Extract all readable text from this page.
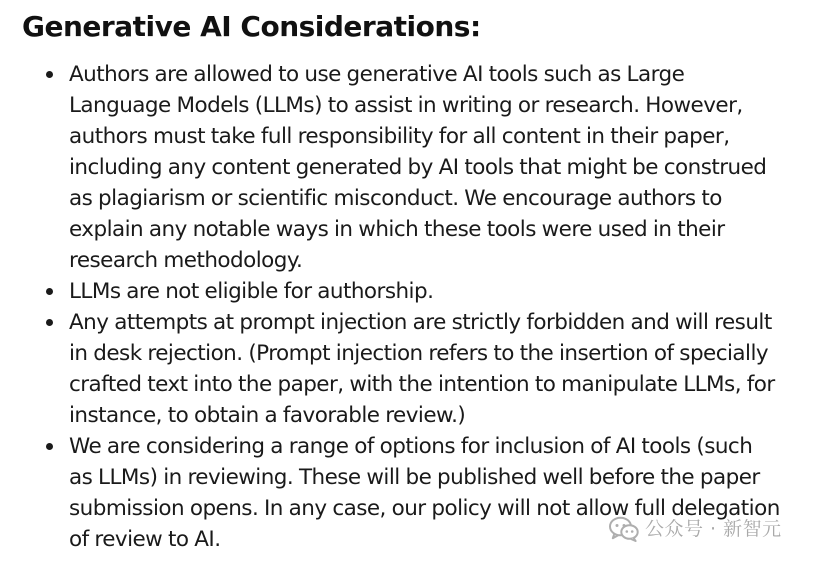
Generative AI Considerations:
Authors are allowed to use generative AI tools such as Large
Language Models (LLMs) to assist in writing or research. However,
authors must take full responsibility for all content in their paper,
including any content generated by AI tools that might be construed
as plagiarism or scientific misconduct. We encourage authors to
explain any notable ways in which these tools were used in their
research methodology.
LLMs are not eligible for authorship.
Any attempts at prompt injection are strictly forbidden and will result
in desk rejection. (Prompt injection refers to the insertion of specially
crafted text into the paper, with the intention to manipulate LLMs, for
instance, to obtain a favorable review.)
We are considering a range of options for inclusion of AI tools (such
as LLMs) in reviewing. These will be published well before the paper
submission opens. In any case, our policy will not allow full delegation
of review to AI.	公众号 · 新智元
